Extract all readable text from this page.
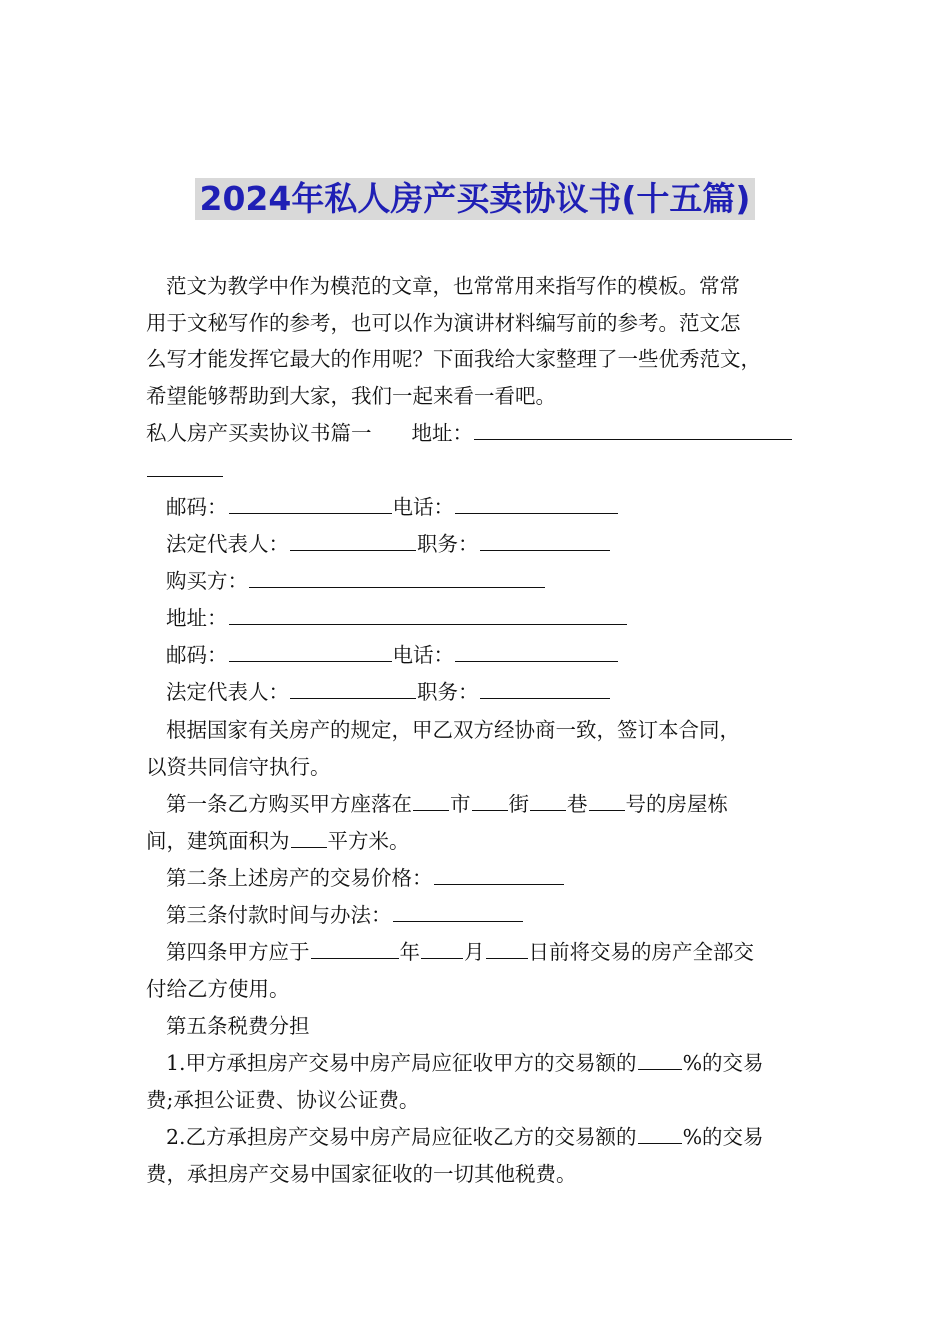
2024年私人房产买卖协议书(十五篇)
范文为教学中作为模范的文章，也常常用来指写作的模板。常常
用于文秘写作的参考，也可以作为演讲材料编写前的参考。范文怎
么写才能发挥它最大的作用呢？下面我给大家整理了一些优秀范文，
希望能够帮助到大家，我们一起来看一看吧。
私人房产买卖协议书篇一 地址：
邮码：	电话：
法定代表人：	职务：
购买方：
地址：
邮码：	电话：
法定代表人：	职务：
根据国家有关房产的规定，甲乙双方经协商一致，签订本合同，
以资共同信守执行。
第一条乙方购买甲方座落在 市 街 巷 号的房屋栋
间，建筑面积为 平方米。
第二条上述房产的交易价格：
第三条付款时间与办法：
第四条甲方应于	年 月 日前将交易的房产全部交
付给乙方使用。
第五条税费分担
1.甲方承担房产交易中房产局应征收甲方的交易额的 %的交易
费;承担公证费、协议公证费。
2.乙方承担房产交易中房产局应征收乙方的交易额的 %的交易
费，承担房产交易中国家征收的一切其他税费。
